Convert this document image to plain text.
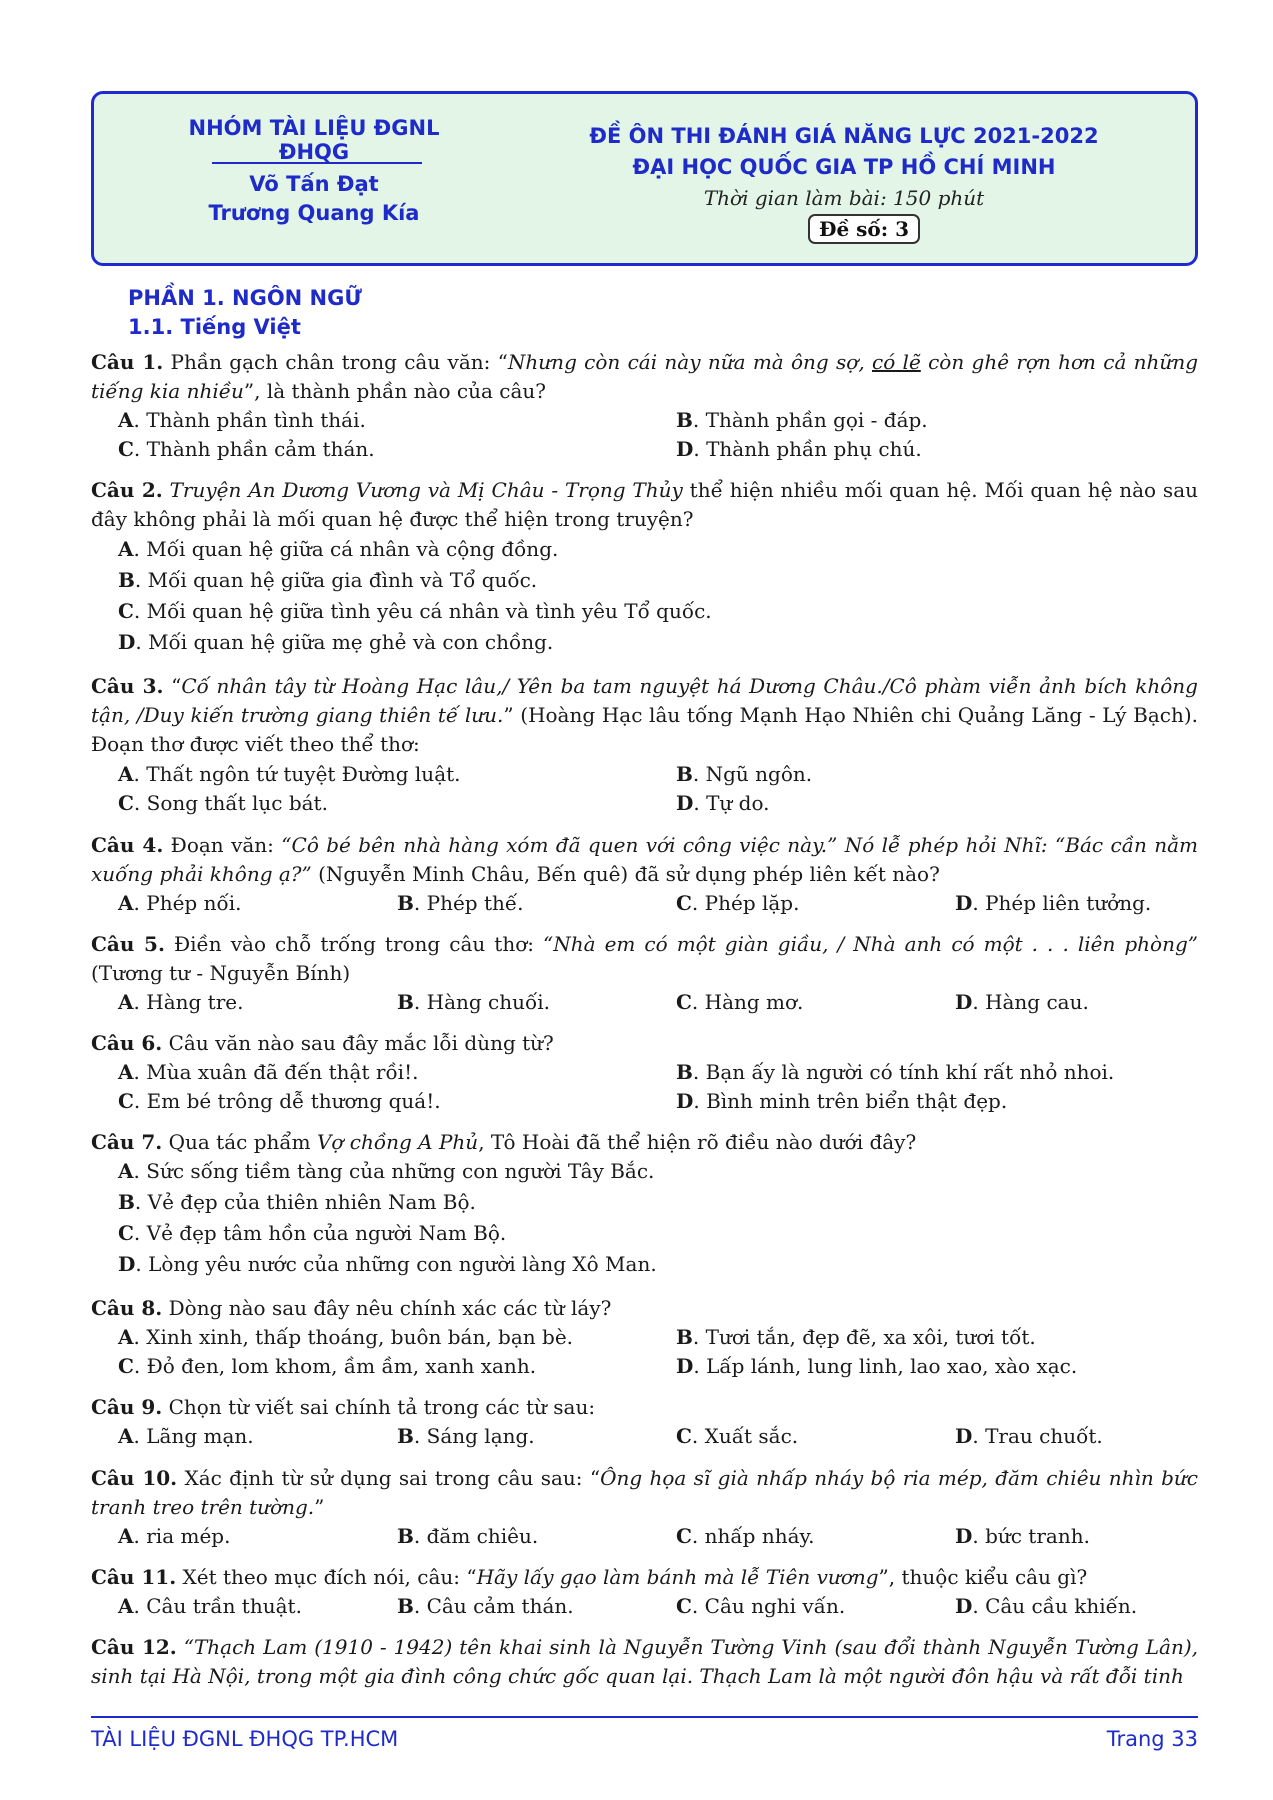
NHÓM TÀI LIỆU ĐGNL ĐHQG
Võ Tấn Đạt
Trương Quang Kía
ĐỀ ÔN THI ĐÁNH GIÁ NĂNG LỰC 2021-2022
ĐẠI HỌC QUỐC GIA TP HỒ CHÍ MINH
Thời gian làm bài: 150 phút
Đề số: 3
PHẦN 1. NGÔN NGỮ
1.1. Tiếng Việt
Câu 1. Phần gạch chân trong câu văn: “Nhưng còn cái này nữa mà ông sợ, có lẽ còn ghê rợn hơn cả những tiếng kia nhiều”, là thành phần nào của câu?
A. Thành phần tình thái.	B. Thành phần gọi - đáp.
C. Thành phần cảm thán.	D. Thành phần phụ chú.
Câu 2. Truyện An Dương Vương và Mị Châu - Trọng Thủy thể hiện nhiều mối quan hệ. Mối quan hệ nào sau đây không phải là mối quan hệ được thể hiện trong truyện?
A. Mối quan hệ giữa cá nhân và cộng đồng.
B. Mối quan hệ giữa gia đình và Tổ quốc.
C. Mối quan hệ giữa tình yêu cá nhân và tình yêu Tổ quốc.
D. Mối quan hệ giữa mẹ ghẻ và con chồng.
Câu 3. “Cố nhân tây từ Hoàng Hạc lâu,/ Yên ba tam nguyệt há Dương Châu./Cô phàm viễn ảnh bích không tận, /Duy kiến trường giang thiên tế lưu.” (Hoàng Hạc lâu tống Mạnh Hạo Nhiên chi Quảng Lăng - Lý Bạch). Đoạn thơ được viết theo thể thơ:
A. Thất ngôn tứ tuyệt Đường luật.	B. Ngũ ngôn.
C. Song thất lục bát.	D. Tự do.
Câu 4. Đoạn văn: “Cô bé bên nhà hàng xóm đã quen với công việc này.” Nó lễ phép hỏi Nhĩ: “Bác cần nằm xuống phải không ạ?” (Nguyễn Minh Châu, Bến quê) đã sử dụng phép liên kết nào?
A. Phép nối.	B. Phép thế.	C. Phép lặp.	D. Phép liên tưởng.
Câu 5. Điền vào chỗ trống trong câu thơ: “Nhà em có một giàn giầu, / Nhà anh có một . . . liên phòng” (Tương tư - Nguyễn Bính)
A. Hàng tre.	B. Hàng chuối.	C. Hàng mơ.	D. Hàng cau.
Câu 6. Câu văn nào sau đây mắc lỗi dùng từ?
A. Mùa xuân đã đến thật rồi!.	B. Bạn ấy là người có tính khí rất nhỏ nhoi.
C. Em bé trông dễ thương quá!.	D. Bình minh trên biển thật đẹp.
Câu 7. Qua tác phẩm Vợ chồng A Phủ, Tô Hoài đã thể hiện rõ điều nào dưới đây?
A. Sức sống tiềm tàng của những con người Tây Bắc.
B. Vẻ đẹp của thiên nhiên Nam Bộ.
C. Vẻ đẹp tâm hồn của người Nam Bộ.
D. Lòng yêu nước của những con người làng Xô Man.
Câu 8. Dòng nào sau đây nêu chính xác các từ láy?
A. Xinh xinh, thấp thoáng, buôn bán, bạn bè.	B. Tươi tắn, đẹp đẽ, xa xôi, tươi tốt.
C. Đỏ đen, lom khom, ầm ầm, xanh xanh.	D. Lấp lánh, lung linh, lao xao, xào xạc.
Câu 9. Chọn từ viết sai chính tả trong các từ sau:
A. Lãng mạn.	B. Sáng lạng.	C. Xuất sắc.	D. Trau chuốt.
Câu 10. Xác định từ sử dụng sai trong câu sau: “Ông họa sĩ già nhấp nháy bộ ria mép, đăm chiêu nhìn bức tranh treo trên tường.”
A. ria mép.	B. đăm chiêu.	C. nhấp nháy.	D. bức tranh.
Câu 11. Xét theo mục đích nói, câu: “Hãy lấy gạo làm bánh mà lễ Tiên vương”, thuộc kiểu câu gì?
A. Câu trần thuật.	B. Câu cảm thán.	C. Câu nghi vấn.	D. Câu cầu khiến.
Câu 12. “Thạch Lam (1910 - 1942) tên khai sinh là Nguyễn Tường Vinh (sau đổi thành Nguyễn Tường Lân), sinh tại Hà Nội, trong một gia đình công chức gốc quan lại. Thạch Lam là một người đôn hậu và rất đỗi tinh
TÀI LIỆU ĐGNL ĐHQG TP.HCM	Trang 33
